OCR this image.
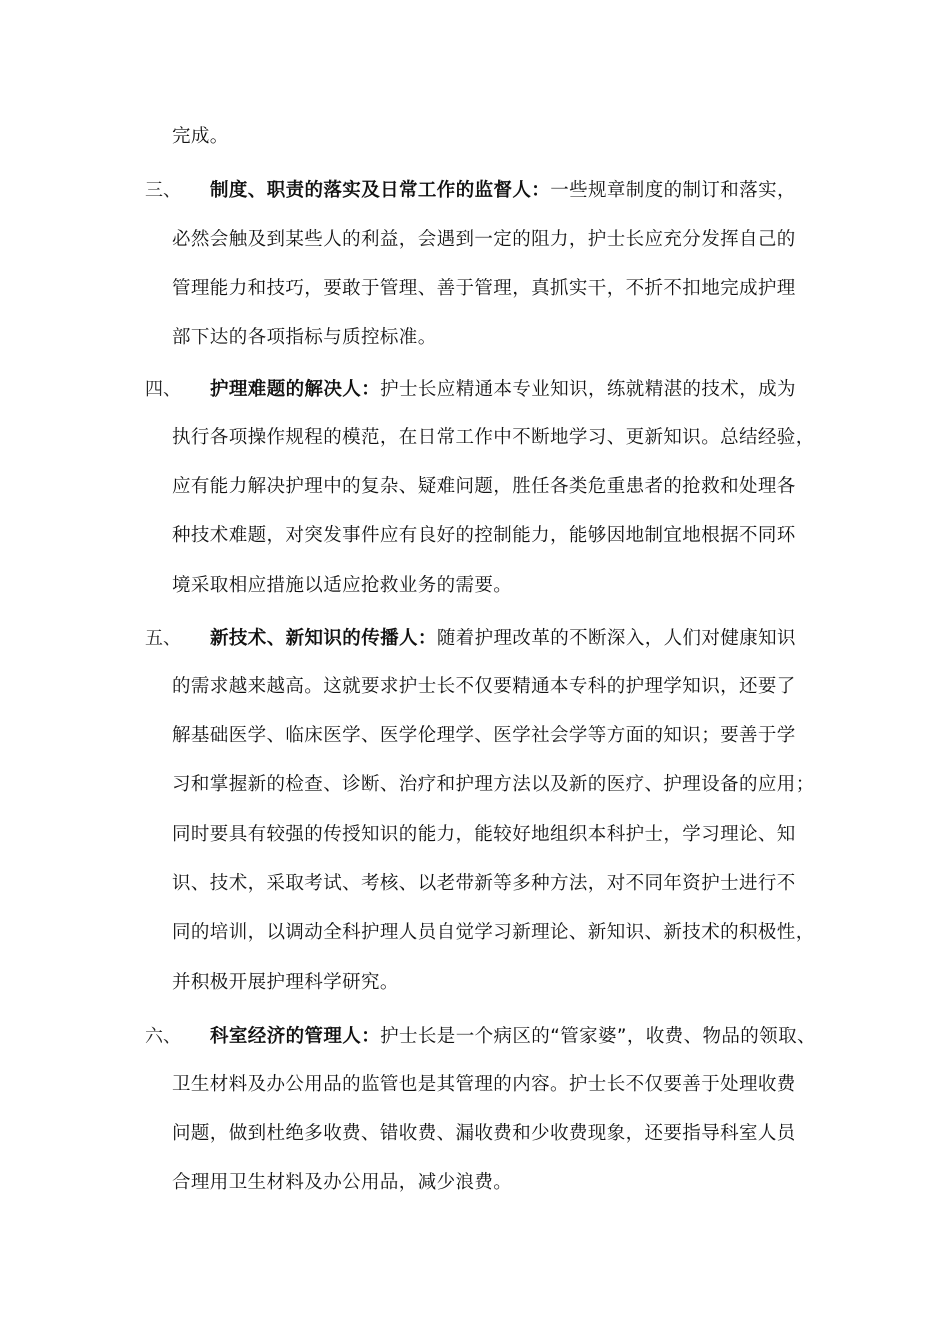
完成。
三、 制度、职责的落实及日常工作的监督人：一些规章制度的制订和落实，
必然会触及到某些人的利益，会遇到一定的阻力，护士长应充分发挥自己的
管理能力和技巧，要敢于管理、善于管理，真抓实干，不折不扣地完成护理
部下达的各项指标与质控标准。
四、 护理难题的解决人：护士长应精通本专业知识，练就精湛的技术，成为
执行各项操作规程的模范，在日常工作中不断地学习、更新知识。总结经验，
应有能力解决护理中的复杂、疑难问题，胜任各类危重患者的抢救和处理各
种技术难题，对突发事件应有良好的控制能力，能够因地制宜地根据不同环
境采取相应措施以适应抢救业务的需要。
五、 新技术、新知识的传播人：随着护理改革的不断深入，人们对健康知识
的需求越来越高。这就要求护士长不仅要精通本专科的护理学知识，还要了
解基础医学、临床医学、医学伦理学、医学社会学等方面的知识；要善于学
习和掌握新的检查、诊断、治疗和护理方法以及新的医疗、护理设备的应用；
同时要具有较强的传授知识的能力，能较好地组织本科护士，学习理论、知
识、技术，采取考试、考核、以老带新等多种方法，对不同年资护士进行不
同的培训，以调动全科护理人员自觉学习新理论、新知识、新技术的积极性，
并积极开展护理科学研究。
六、 科室经济的管理人：护士长是一个病区的“管家婆”，收费、物品的领取、
卫生材料及办公用品的监管也是其管理的内容。护士长不仅要善于处理收费
问题，做到杜绝多收费、错收费、漏收费和少收费现象，还要指导科室人员
合理用卫生材料及办公用品，减少浪费。
